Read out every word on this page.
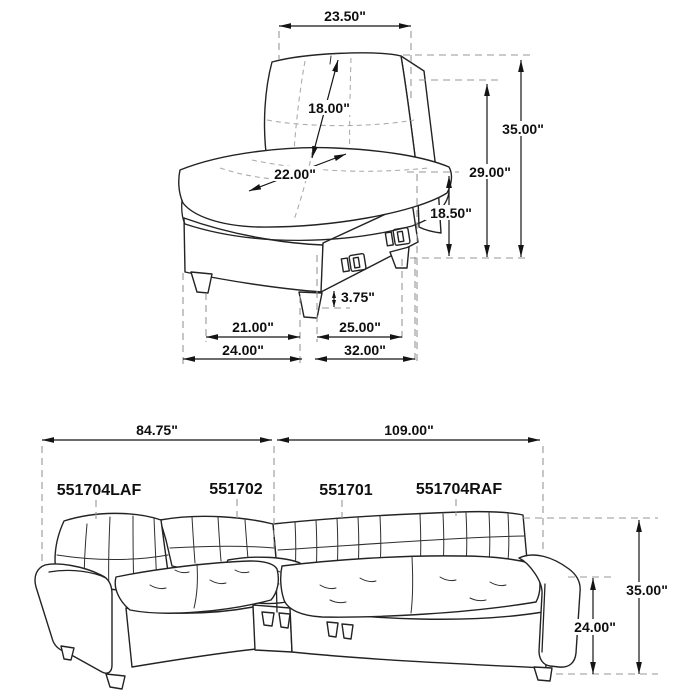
23.50"
18.00"
22.00"
35.00"
29.00"
18.50"
3.75"
21.00"	25.00"
24.00"	32.00"
84.75"	109.00"
551704LAF	551702	551701	551704RAF
35.00"
24.00"
